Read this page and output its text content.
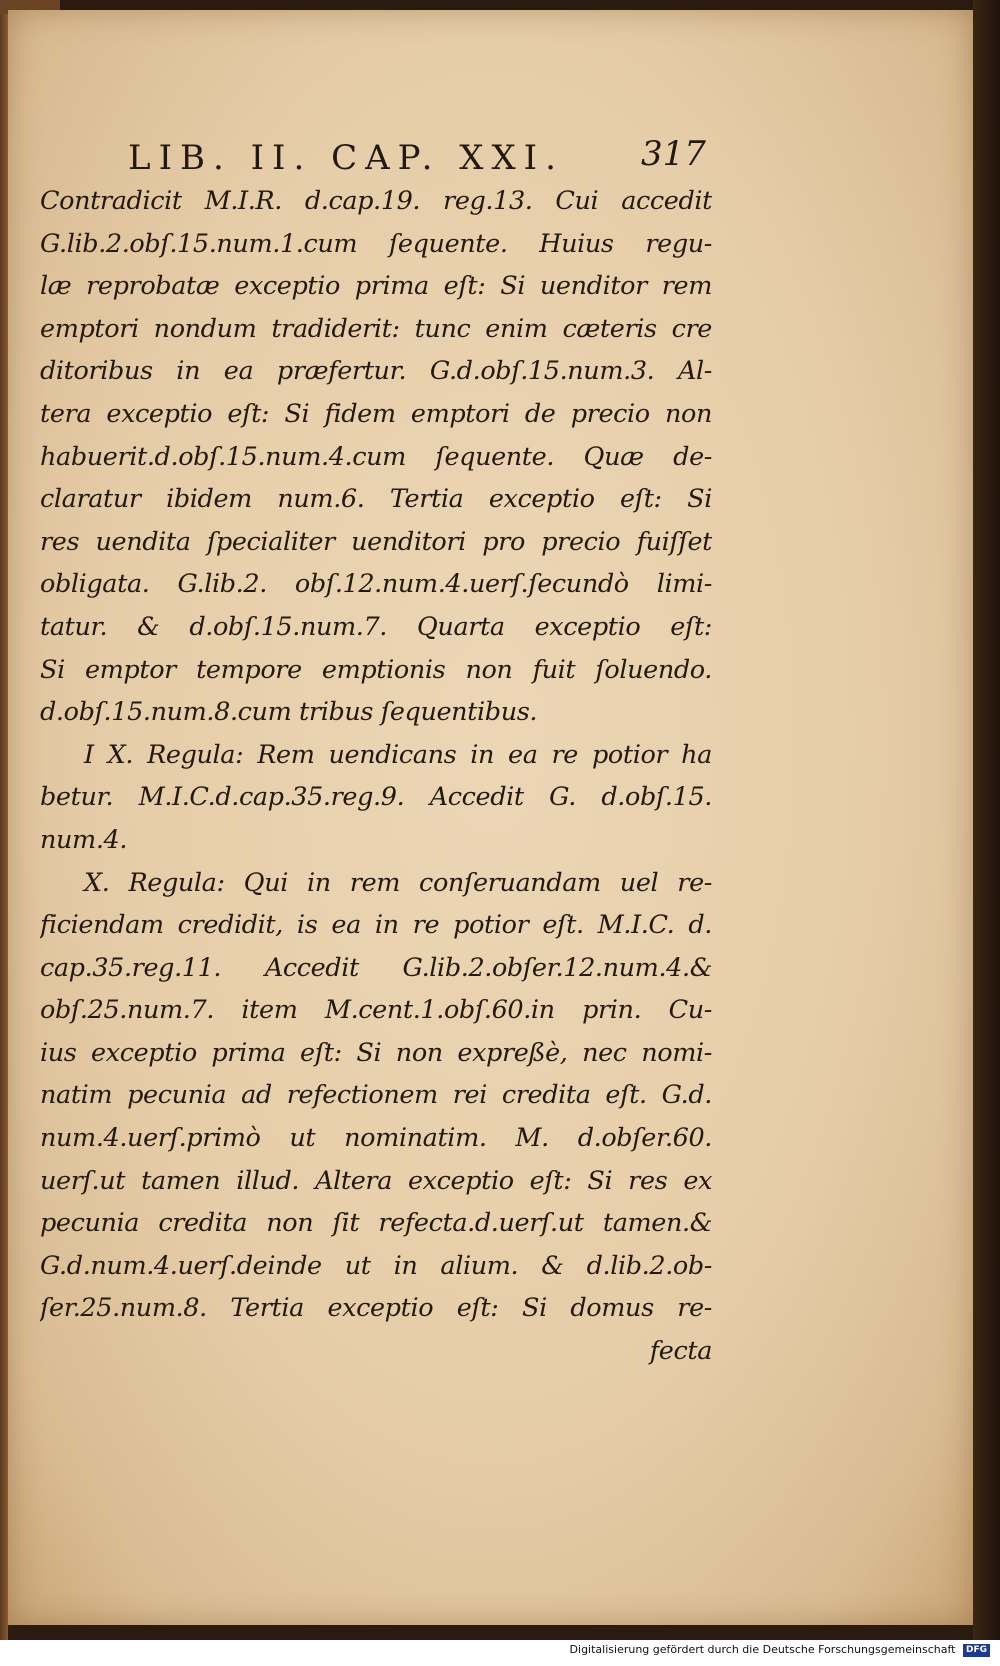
LIB. II. CAP. XXI.	317
Contradicit M.I.R. d.cap.19. reg.13. Cui accedit
G.lib.2.obſ.15.num.1.cum ſequente. Huius regu-
læ reprobatæ exceptio prima eſt: Si uenditor rem
emptori nondum tradiderit: tunc enim cæteris cre
ditoribus in ea præfertur. G.d.obſ.15.num.3. Al-
tera exceptio eſt: Si fidem emptori de precio non
habuerit.d.obſ.15.num.4.cum ſequente. Quæ de-
claratur ibidem num.6. Tertia exceptio eſt: Si
res uendita ſpecialiter uenditori pro precio fuiſſet
obligata. G.lib.2. obſ.12.num.4.uerſ.ſecundò limi-
tatur. & d.obſ.15.num.7. Quarta exceptio eſt:
Si emptor tempore emptionis non fuit ſoluendo.
d.obſ.15.num.8.cum tribus ſequentibus.
I X. Regula: Rem uendicans in ea re potior ha
betur. M.I.C.d.cap.35.reg.9. Accedit G. d.obſ.15.
num.4.
X. Regula: Qui in rem conſeruandam uel re-
ficiendam credidit, is ea in re potior eſt. M.I.C. d.
cap.35.reg.11. Accedit G.lib.2.obſer.12.num.4.&
obſ.25.num.7. item M.cent.1.obſ.60.in prin. Cu-
ius exceptio prima eſt: Si non expreßè, nec nomi-
natim pecunia ad refectionem rei credita eſt. G.d.
num.4.uerſ.primò ut nominatim. M. d.obſer.60.
uerſ.ut tamen illud. Altera exceptio eſt: Si res ex
pecunia credita non ſit refecta.d.uerſ.ut tamen.&
G.d.num.4.uerſ.deinde ut in alium. & d.lib.2.ob-
ſer.25.num.8. Tertia exceptio eſt: Si domus re-
fecta
Digitalisierung gefördert durch die Deutsche Forschungsgemeinschaft DFG
